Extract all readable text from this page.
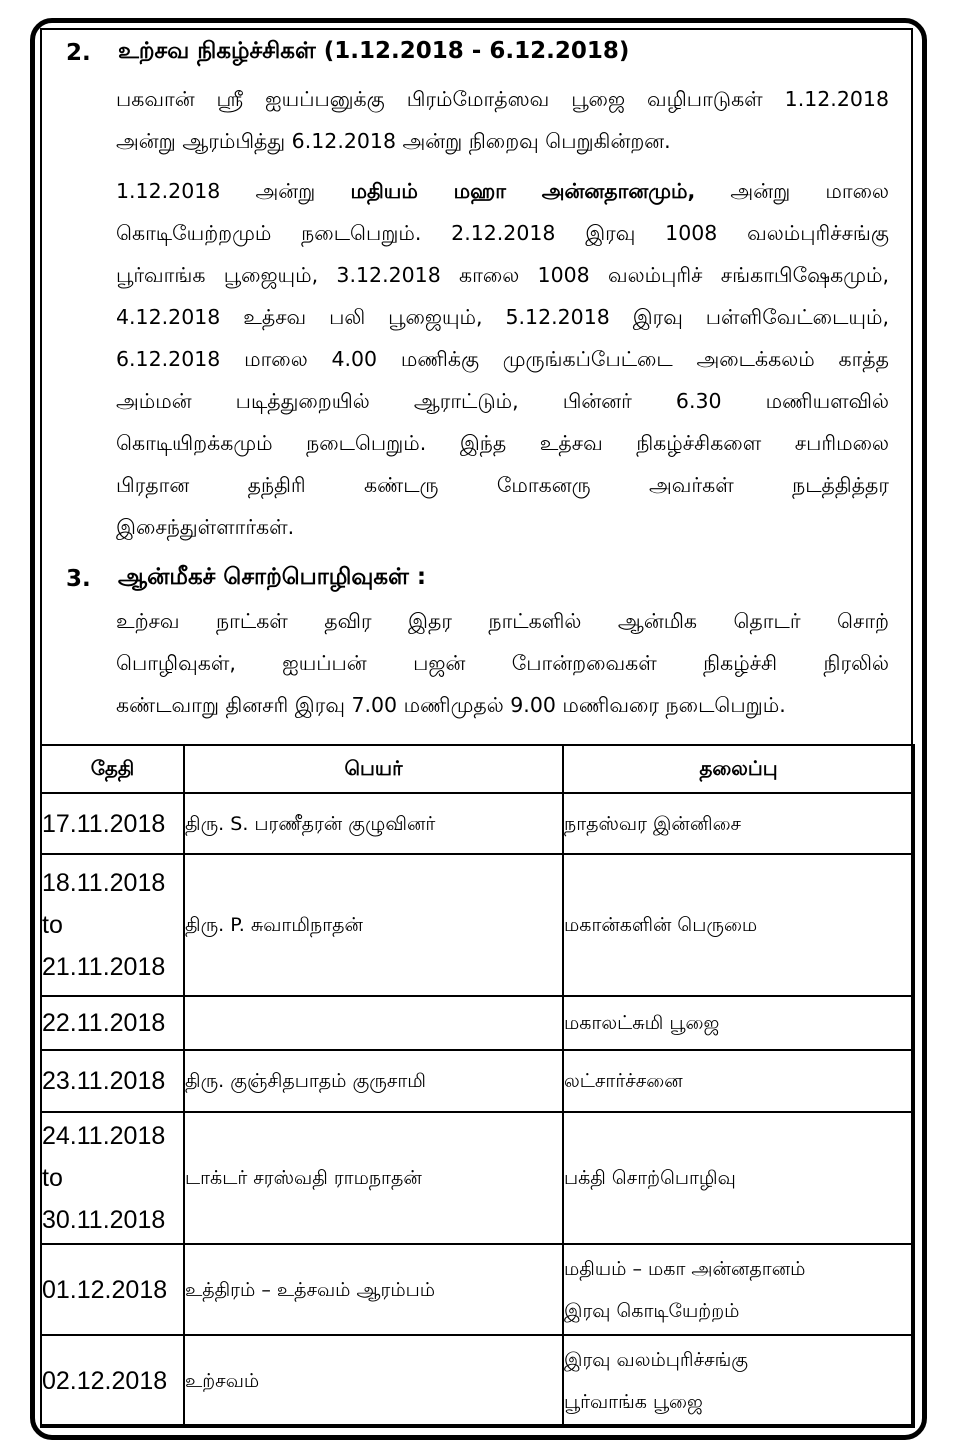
2.	உற்சவ நிகழ்ச்சிகள் (1.12.2018 - 6.12.2018)
பகவான் ஸ்ரீ ஐயப்பனுக்கு பிரம்மோத்ஸவ பூஜை வழிபாடுகள் 1.12.2018
அன்று ஆரம்பித்து 6.12.2018 அன்று நிறைவு பெறுகின்றன.
1.12.2018 அன்று மதியம் மஹா அன்னதானமும், அன்று மாலை
கொடியேற்றமும் நடைபெறும். 2.12.2018 இரவு 1008 வலம்புரிச்சங்கு
பூர்வாங்க பூஜையும், 3.12.2018 காலை 1008 வலம்புரிச் சங்காபிஷேகமும்,
4.12.2018 உத்சவ பலி பூஜையும், 5.12.2018 இரவு பள்ளிவேட்டையும்,
6.12.2018 மாலை 4.00 மணிக்கு முருங்கப்பேட்டை அடைக்கலம் காத்த
அம்மன் படித்துறையில் ஆராட்டும், பின்னர் 6.30 மணியளவில்
கொடியிறக்கமும் நடைபெறும். இந்த உத்சவ நிகழ்ச்சிகளை சபரிமலை
பிரதான தந்திரி கண்டரு மோகனரு அவர்கள் நடத்தித்தர
இசைந்துள்ளார்கள்.
3.	ஆன்மீகச் சொற்பொழிவுகள் :
உற்சவ நாட்கள் தவிர இதர நாட்களில் ஆன்மிக தொடர் சொற்
பொழிவுகள், ஐயப்பன் பஜன் போன்றவைகள் நிகழ்ச்சி நிரலில்
கண்டவாறு தினசரி இரவு 7.00 மணிமுதல் 9.00 மணிவரை நடைபெறும்.
தேதி	பெயர்	தலைப்பு

17.11.2018	திரு. S. பரணீதரன் குழுவினர்	நாதஸ்வர இன்னிசை

18.11.2018
to
21.11.2018	திரு. P. சுவாமிநாதன்	மகான்களின் பெருமை

22.11.2018		மகாலட்சுமி பூஜை

23.11.2018	திரு. குஞ்சிதபாதம் குருசாமி	லட்சார்ச்சனை

24.11.2018
to
30.11.2018	டாக்டர் சரஸ்வதி ராமநாதன்	பக்தி சொற்பொழிவு

01.12.2018	உத்திரம் – உத்சவம் ஆரம்பம்	மதியம் – மகா அன்னதானம்
இரவு கொடியேற்றம்

02.12.2018	உற்சவம்	இரவு வலம்புரிச்சங்கு
பூர்வாங்க பூஜை
